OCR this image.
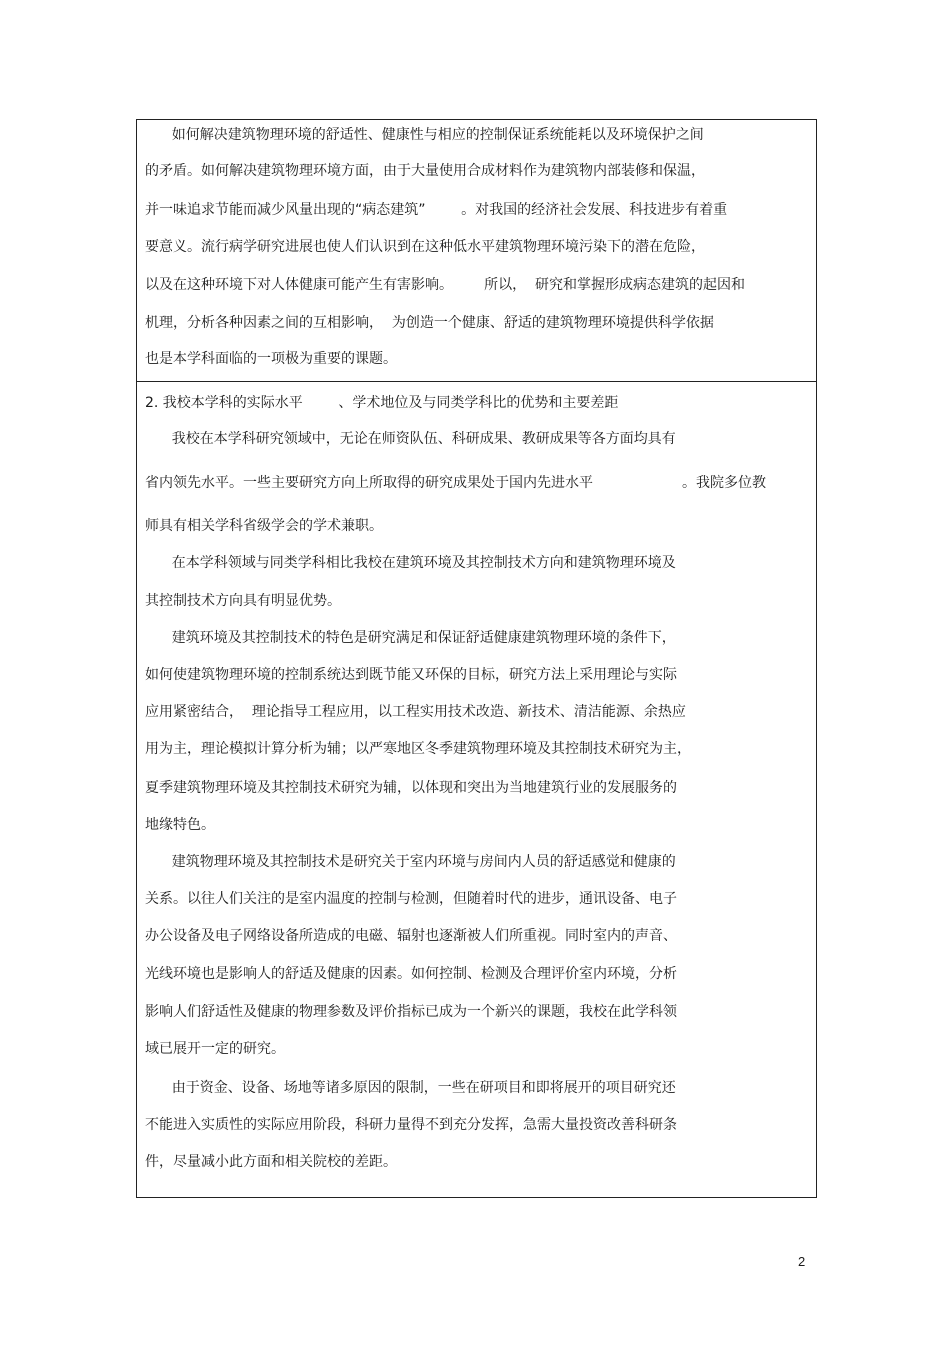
如何解决建筑物理环境的舒适性、健康性与相应的控制保证系统能耗以及环境保护之间
的矛盾。如何解决建筑物理环境方面，由于大量使用合成材料作为建筑物内部装修和保温，
并一味追求节能而减少风量出现的“病态建筑”        。对我国的经济社会发展、科技进步有着重
要意义。流行病学研究进展也使人们认识到在这种低水平建筑物理环境污染下的潜在危险，
以及在这种环境下对人体健康可能产生有害影响。       所以，  研究和掌握形成病态建筑的起因和
机理，分析各种因素之间的互相影响，  为创造一个健康、舒适的建筑物理环境提供科学依据
也是本学科面临的一项极为重要的课题。
2. 我校本学科的实际水平        、学术地位及与同类学科比的优势和主要差距
我校在本学科研究领域中，无论在师资队伍、科研成果、教研成果等各方面均具有
省内领先水平。一些主要研究方向上所取得的研究成果处于国内先进水平                    。我院多位教
师具有相关学科省级学会的学术兼职。
在本学科领域与同类学科相比我校在建筑环境及其控制技术方向和建筑物理环境及
其控制技术方向具有明显优势。
建筑环境及其控制技术的特色是研究满足和保证舒适健康建筑物理环境的条件下，
如何使建筑物理环境的控制系统达到既节能又环保的目标，研究方法上采用理论与实际
应用紧密结合，  理论指导工程应用，以工程实用技术改造、新技术、清洁能源、余热应
用为主，理论模拟计算分析为辅；以严寒地区冬季建筑物理环境及其控制技术研究为主，
夏季建筑物理环境及其控制技术研究为辅，以体现和突出为当地建筑行业的发展服务的
地缘特色。
建筑物理环境及其控制技术是研究关于室内环境与房间内人员的舒适感觉和健康的
关系。以往人们关注的是室内温度的控制与检测，但随着时代的进步，通讯设备、电子
办公设备及电子网络设备所造成的电磁、辐射也逐渐被人们所重视。同时室内的声音、
光线环境也是影响人的舒适及健康的因素。如何控制、检测及合理评价室内环境，分析
影响人们舒适性及健康的物理参数及评价指标已成为一个新兴的课题，我校在此学科领
域已展开一定的研究。
由于资金、设备、场地等诸多原因的限制，一些在研项目和即将展开的项目研究还
不能进入实质性的实际应用阶段，科研力量得不到充分发挥，急需大量投资改善科研条
件，尽量减小此方面和相关院校的差距。
2
